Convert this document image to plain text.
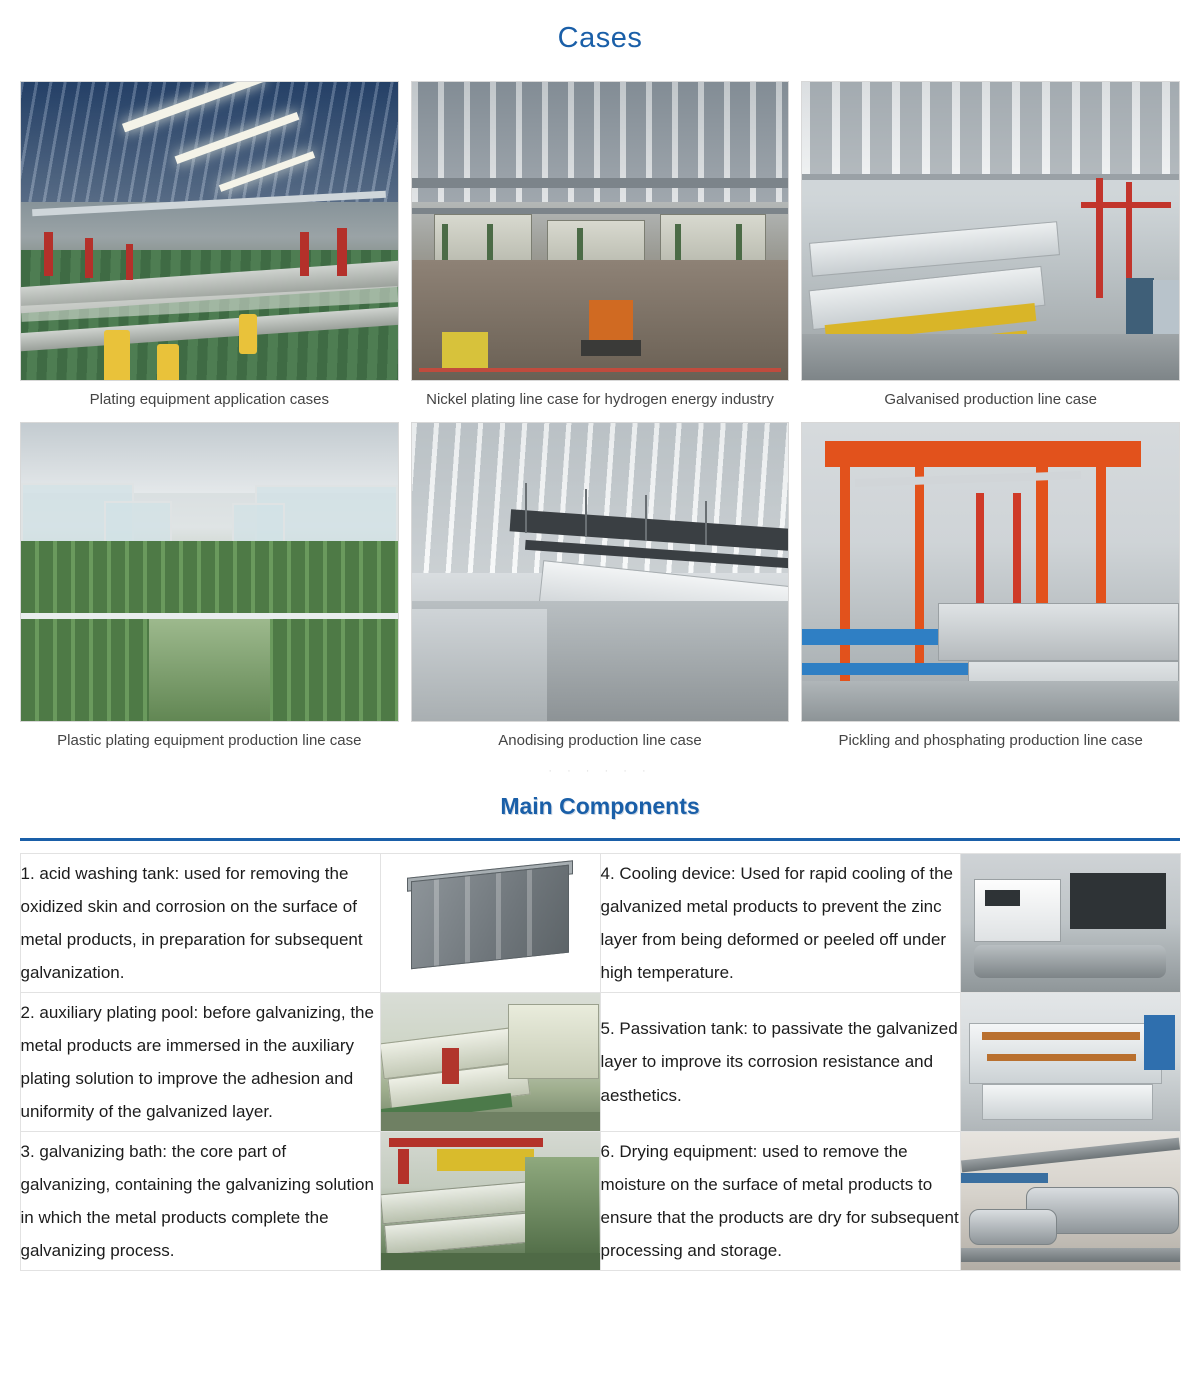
Cases
Plating equipment application cases	Nickel plating line case for hydrogen energy industry	Galvanised production line case
Plastic plating equipment production line case	Anodising production line case	Pickling and phosphating production line case
· · · · · ·
Main Components
1. acid washing tank: used for removing the oxidized skin and corrosion on the surface of metal products, in preparation for subsequent galvanization.		4. Cooling device: Used for rapid cooling of the galvanized metal products to prevent the zinc layer from being deformed or peeled off under high temperature.	

2. auxiliary plating pool: before galvanizing, the metal products are immersed in the auxiliary plating solution to improve the adhesion and uniformity of the galvanized layer.		5. Passivation tank: to passivate the galvanized layer to improve its corrosion resistance and aesthetics.	

3. galvanizing bath: the core part of galvanizing, containing the galvanizing solution in which the metal products complete the galvanizing process.		6. Drying equipment: used to remove the moisture on the surface of metal products to ensure that the products are dry for subsequent processing and storage.	
